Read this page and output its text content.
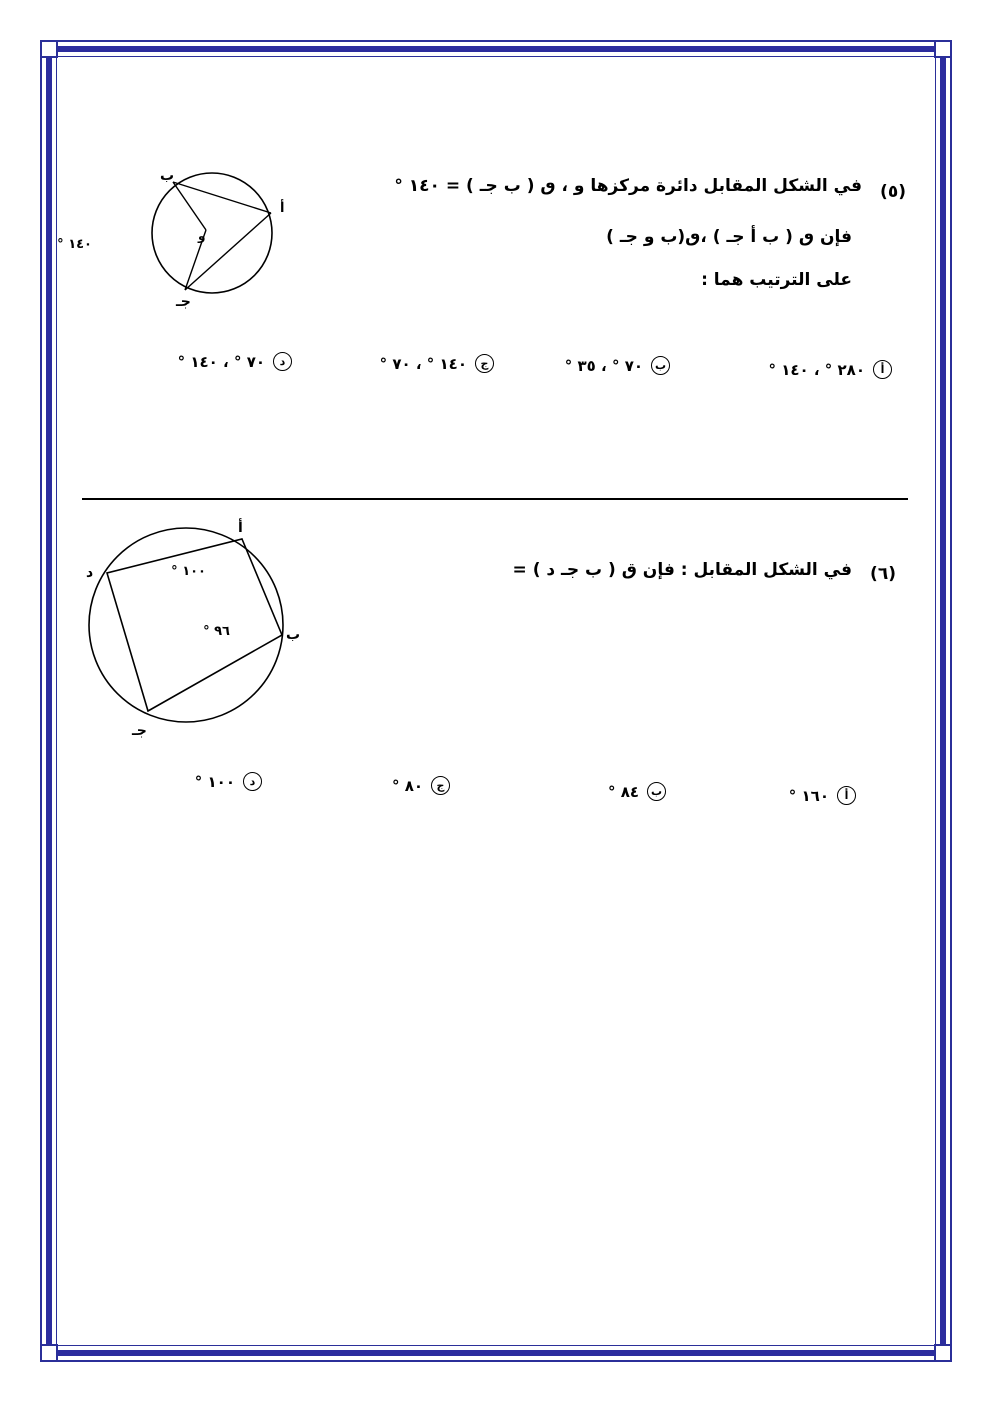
(٥)
في الشكل المقابل دائرة مركزها و ، ٯ ( ب جـ ) = ١٤٠ °
فإن ٯ ( ب أ جـ ) ،ٯ(ب و جـ )
على الترتيب هما :
ب
أ
و
جـ
١٤٠ °
أ
٢٨٠ ° ، ١٤٠ °
ب
٧٠ ° ، ٣٥ °
ج
١٤٠ ° ، ٧٠ °
د
٧٠ ° ، ١٤٠ °
(٦)
في الشكل المقابل : فإن ق ( ب جـ د ) =
أ
ب
جـ
د	١٠٠ °
٩٦ °
أ
١٦٠ °
ب
٨٤ °
ج
٨٠ °
د
١٠٠ °
